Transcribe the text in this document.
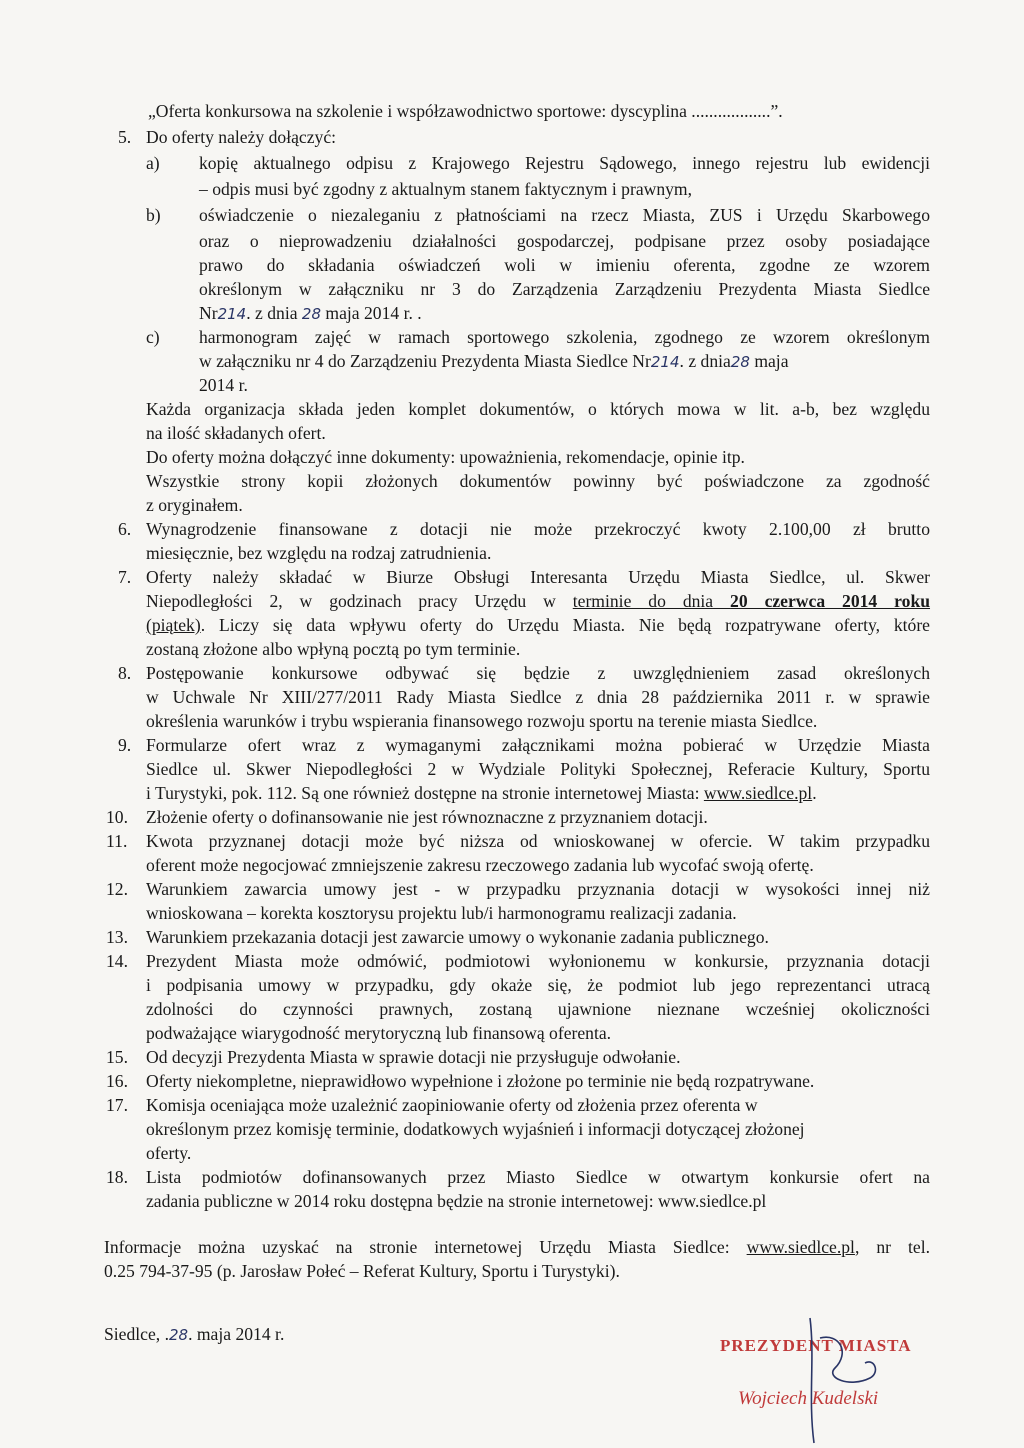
„Oferta konkursowa na szkolenie i współzawodnictwo sportowe: dyscyplina ..................”.
5. Do oferty należy dołączyć:
a) kopię aktualnego odpisu z Krajowego Rejestru Sądowego, innego rejestru lub ewidencji
– odpis musi być zgodny z aktualnym stanem faktycznym i prawnym,
b) oświadczenie o niezaleganiu z płatnościami na rzecz Miasta, ZUS i Urzędu Skarbowego
oraz o nieprowadzeniu działalności gospodarczej, podpisane przez osoby posiadające
prawo do składania oświadczeń woli w imieniu oferenta, zgodne ze wzorem
określonym w załączniku nr 3 do Zarządzenia Zarządzeniu Prezydenta Miasta Siedlce
Nr214. z dnia 28 maja 2014 r. .
c) harmonogram zajęć w ramach sportowego szkolenia, zgodnego ze wzorem określonym
w załączniku nr 4 do Zarządzeniu Prezydenta Miasta Siedlce Nr214. z dnia28 maja
2014 r.
Każda organizacja składa jeden komplet dokumentów, o których mowa w lit. a-b, bez względu
na ilość składanych ofert.
Do oferty można dołączyć inne dokumenty: upoważnienia, rekomendacje, opinie itp.
Wszystkie strony kopii złożonych dokumentów powinny być poświadczone za zgodność
z oryginałem.
6. Wynagrodzenie finansowane z dotacji nie może przekroczyć kwoty 2.100,00 zł brutto
miesięcznie, bez względu na rodzaj zatrudnienia.
7. Oferty należy składać w Biurze Obsługi Interesanta Urzędu Miasta Siedlce, ul. Skwer
Niepodległości 2, w godzinach pracy Urzędu w terminie do dnia 20 czerwca 2014 roku
(piątek). Liczy się data wpływu oferty do Urzędu Miasta. Nie będą rozpatrywane oferty, które
zostaną złożone albo wpłyną pocztą po tym terminie.
8. Postępowanie konkursowe odbywać się będzie z uwzględnieniem zasad określonych
w Uchwale Nr XIII/277/2011 Rady Miasta Siedlce z dnia 28 października 2011 r. w sprawie
określenia warunków i trybu wspierania finansowego rozwoju sportu na terenie miasta Siedlce.
9. Formularze ofert wraz z wymaganymi załącznikami można pobierać w Urzędzie Miasta
Siedlce ul. Skwer Niepodległości 2 w Wydziale Polityki Społecznej, Referacie Kultury, Sportu
i Turystyki, pok. 112. Są one również dostępne na stronie internetowej Miasta: www.siedlce.pl.
10. Złożenie oferty o dofinansowanie nie jest równoznaczne z przyznaniem dotacji.
11. Kwota przyznanej dotacji może być niższa od wnioskowanej w ofercie. W takim przypadku
oferent może negocjować zmniejszenie zakresu rzeczowego zadania lub wycofać swoją ofertę.
12. Warunkiem zawarcia umowy jest - w przypadku przyznania dotacji w wysokości innej niż
wnioskowana – korekta kosztorysu projektu lub/i harmonogramu realizacji zadania.
13. Warunkiem przekazania dotacji jest zawarcie umowy o wykonanie zadania publicznego.
14. Prezydent Miasta może odmówić, podmiotowi wyłonionemu w konkursie, przyznania dotacji
i podpisania umowy w przypadku, gdy okaże się, że podmiot lub jego reprezentanci utracą
zdolności do czynności prawnych, zostaną ujawnione nieznane wcześniej okoliczności
podważające wiarygodność merytoryczną lub finansową oferenta.
15. Od decyzji Prezydenta Miasta w sprawie dotacji nie przysługuje odwołanie.
16. Oferty niekompletne, nieprawidłowo wypełnione i złożone po terminie nie będą rozpatrywane.
17. Komisja oceniająca może uzależnić zaopiniowanie oferty od złożenia przez oferenta w
określonym przez komisję terminie, dodatkowych wyjaśnień i informacji dotyczącej złożonej
oferty.
18. Lista podmiotów dofinansowanych przez Miasto Siedlce w otwartym konkursie ofert na
zadania publiczne w 2014 roku dostępna będzie na stronie internetowej: www.siedlce.pl
Informacje można uzyskać na stronie internetowej Urzędu Miasta Siedlce: www.siedlce.pl, nr tel.
0.25 794-37-95 (p. Jarosław Połeć – Referat Kultury, Sportu i Turystyki).
Siedlce, .28. maja 2014 r.
PREZYDENT MIASTA
Wojciech Kudelski
